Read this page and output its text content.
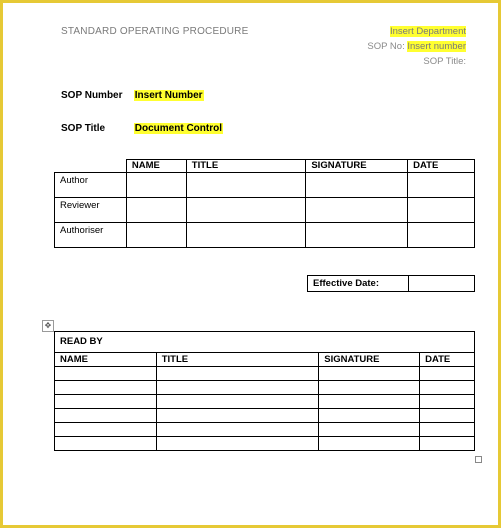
STANDARD OPERATING PROCEDURE	Insert Department
SOP No: Insert number
SOP Title:
SOP Number Insert Number
SOP Title	Document Control
	NAME	TITLE	SIGNATURE	DATE
Author				
Reviewer				
Authoriser				
Effective Date:	
✥
READ BY			
NAME	TITLE	SIGNATURE	DATE
